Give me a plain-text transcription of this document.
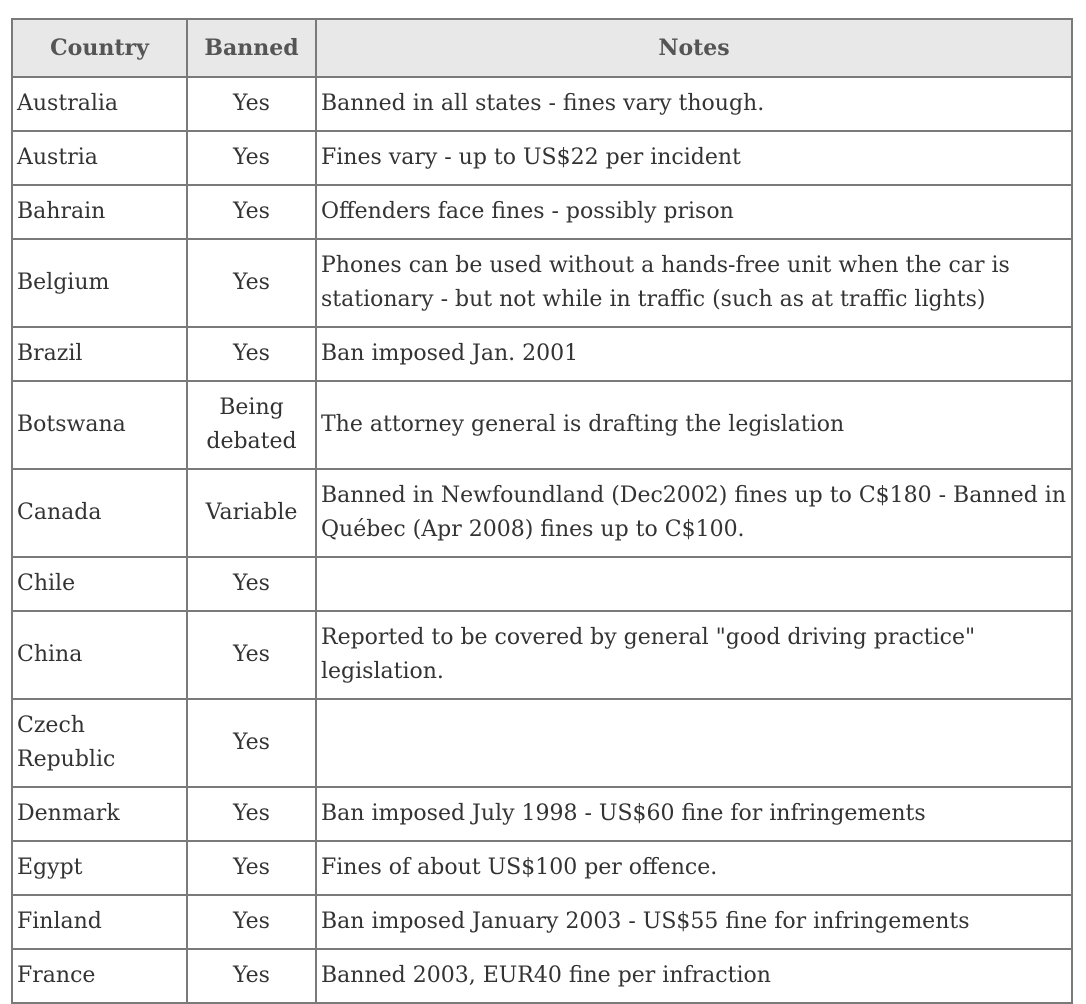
Country	Banned	Notes
Australia	Yes	Banned in all states - fines vary though.
Austria	Yes	Fines vary - up to US$22 per incident
Bahrain	Yes	Offenders face fines - possibly prison
Belgium	Yes	Phones can be used without a hands-free unit when the car is stationary - but not while in traffic (such as at traffic lights)
Brazil	Yes	Ban imposed Jan. 2001
Botswana	Being debated	The attorney general is drafting the legislation
Canada	Variable	Banned in Newfoundland (Dec2002) fines up to C$180 - Banned in Québec (Apr 2008) fines up to C$100.
Chile	Yes	
China	Yes	Reported to be covered by general "good driving practice" legislation.
Czech Republic	Yes	
Denmark	Yes	Ban imposed July 1998 - US$60 fine for infringements
Egypt	Yes	Fines of about US$100 per offence.
Finland	Yes	Ban imposed January 2003 - US$55 fine for infringements
France	Yes	Banned 2003, EUR40 fine per infraction
